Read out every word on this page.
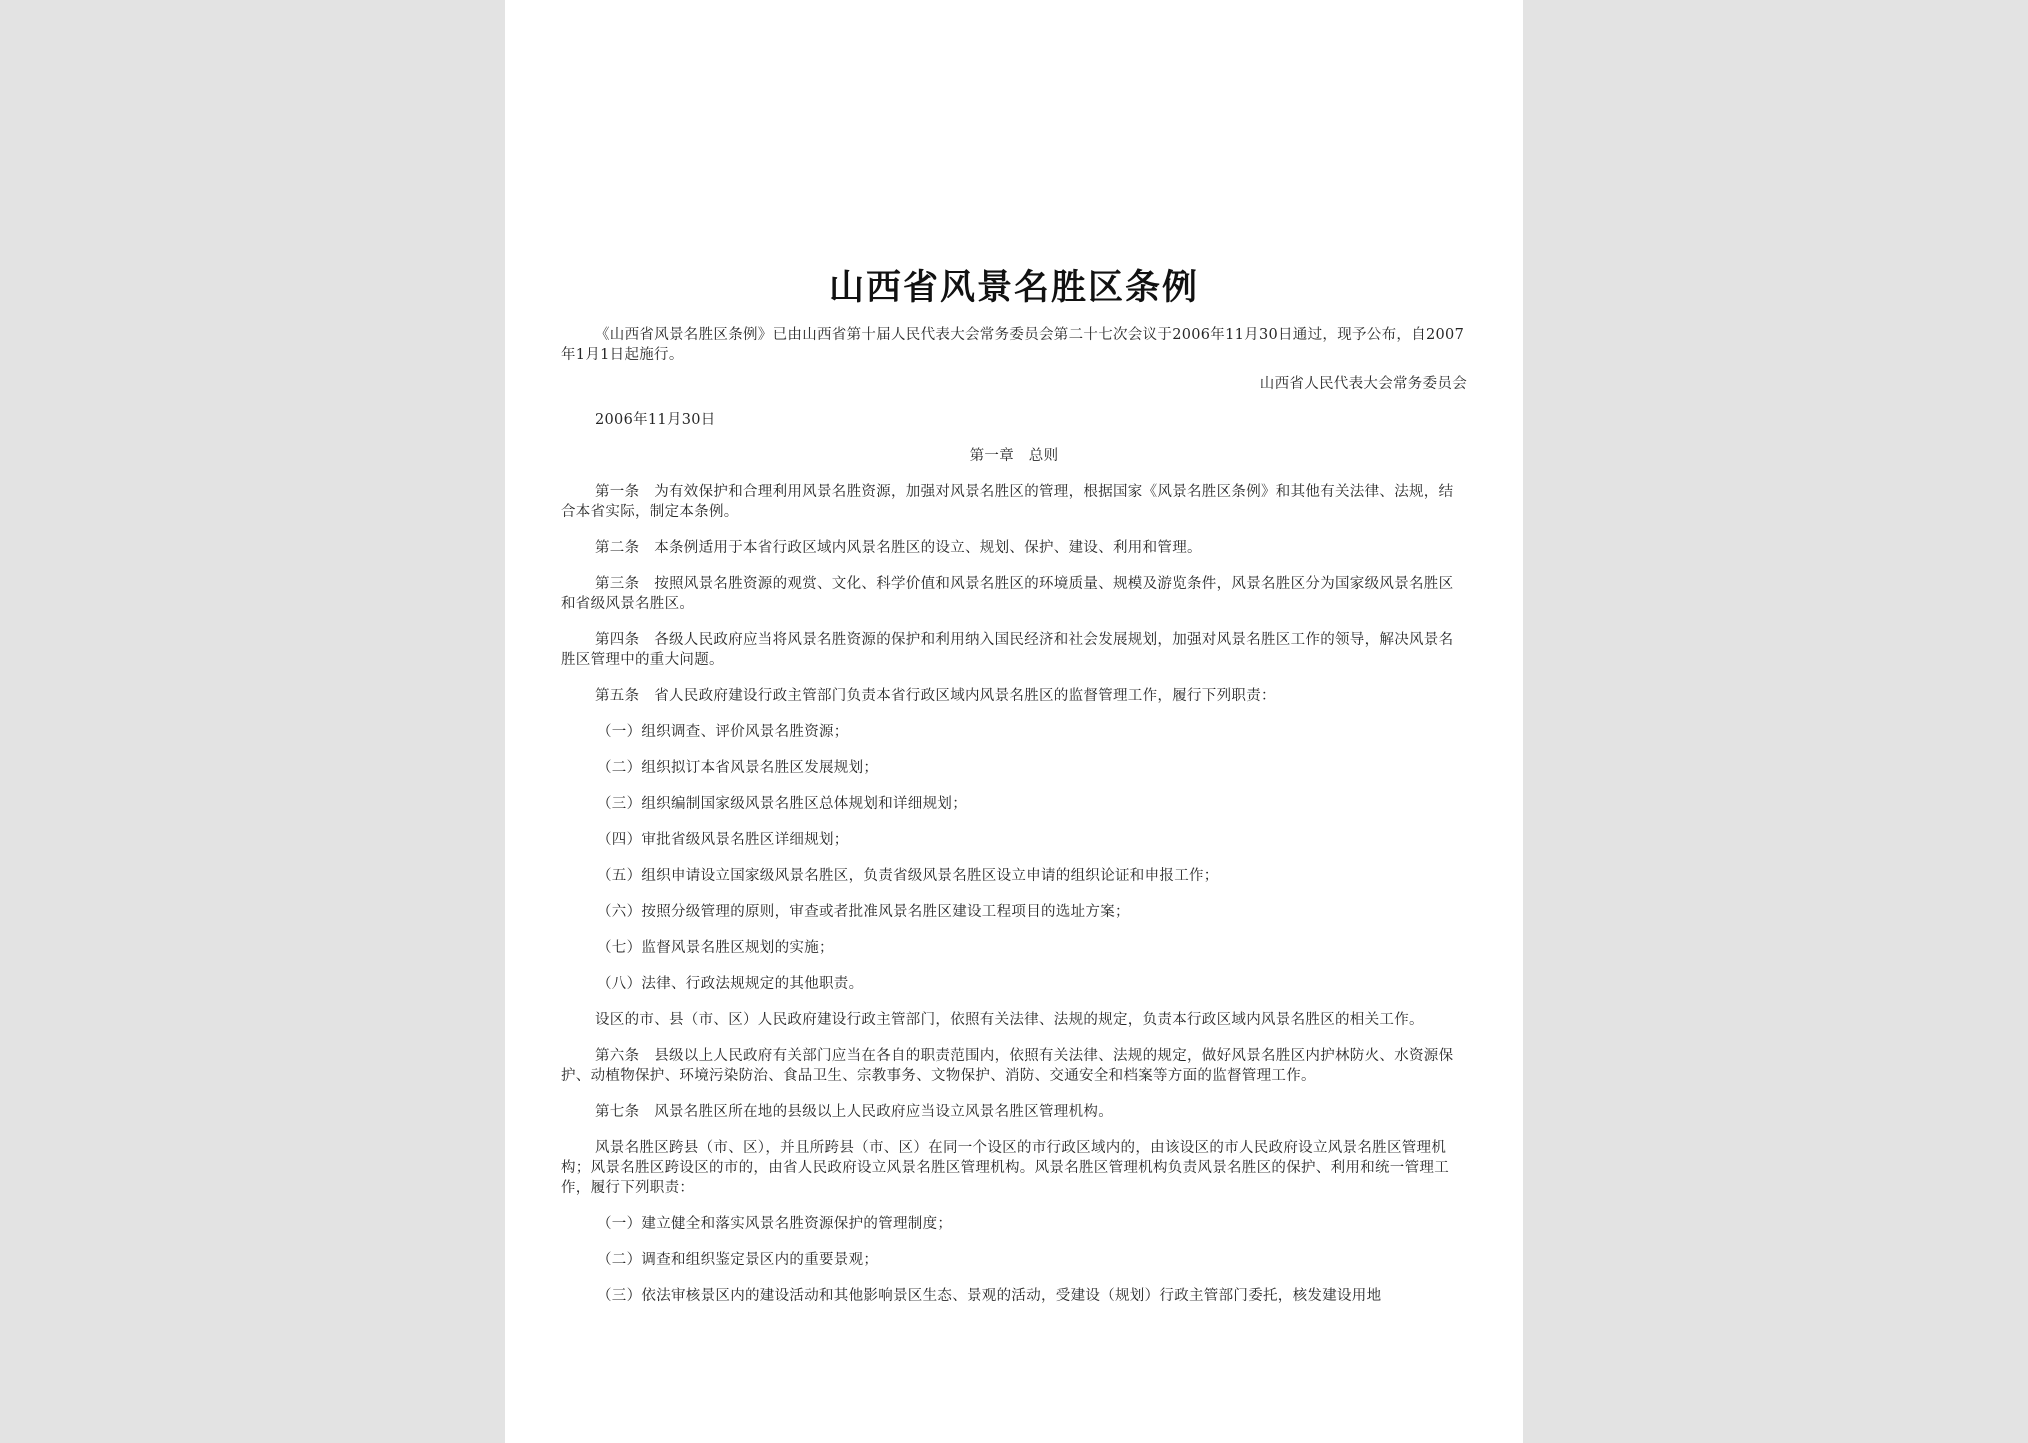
山西省风景名胜区条例

《山西省风景名胜区条例》已由山西省第十届人民代表大会常务委员会第二十七次会议于2006年11月30日通过，现予公布，自2007年1月1日起施行。

山西省人民代表大会常务委员会

2006年11月30日

第一章　总则

第一条　为有效保护和合理利用风景名胜资源，加强对风景名胜区的管理，根据国家《风景名胜区条例》和其他有关法律、法规，结合本省实际，制定本条例。

第二条　本条例适用于本省行政区域内风景名胜区的设立、规划、保护、建设、利用和管理。

第三条　按照风景名胜资源的观赏、文化、科学价值和风景名胜区的环境质量、规模及游览条件，风景名胜区分为国家级风景名胜区和省级风景名胜区。

第四条　各级人民政府应当将风景名胜资源的保护和利用纳入国民经济和社会发展规划，加强对风景名胜区工作的领导，解决风景名胜区管理中的重大问题。

第五条　省人民政府建设行政主管部门负责本省行政区域内风景名胜区的监督管理工作，履行下列职责：

（一）组织调查、评价风景名胜资源；

（二）组织拟订本省风景名胜区发展规划；

（三）组织编制国家级风景名胜区总体规划和详细规划；

（四）审批省级风景名胜区详细规划；

（五）组织申请设立国家级风景名胜区，负责省级风景名胜区设立申请的组织论证和申报工作；

（六）按照分级管理的原则，审查或者批准风景名胜区建设工程项目的选址方案；

（七）监督风景名胜区规划的实施；

（八）法律、行政法规规定的其他职责。

设区的市、县（市、区）人民政府建设行政主管部门，依照有关法律、法规的规定，负责本行政区域内风景名胜区的相关工作。

第六条　县级以上人民政府有关部门应当在各自的职责范围内，依照有关法律、法规的规定，做好风景名胜区内护林防火、水资源保护、动植物保护、环境污染防治、食品卫生、宗教事务、文物保护、消防、交通安全和档案等方面的监督管理工作。

第七条　风景名胜区所在地的县级以上人民政府应当设立风景名胜区管理机构。

风景名胜区跨县（市、区），并且所跨县（市、区）在同一个设区的市行政区域内的，由该设区的市人民政府设立风景名胜区管理机构；风景名胜区跨设区的市的，由省人民政府设立风景名胜区管理机构。风景名胜区管理机构负责风景名胜区的保护、利用和统一管理工作，履行下列职责：

（一）建立健全和落实风景名胜资源保护的管理制度；

（二）调查和组织鉴定景区内的重要景观；

（三）依法审核景区内的建设活动和其他影响景区生态、景观的活动，受建设（规划）行政主管部门委托，核发建设用地
